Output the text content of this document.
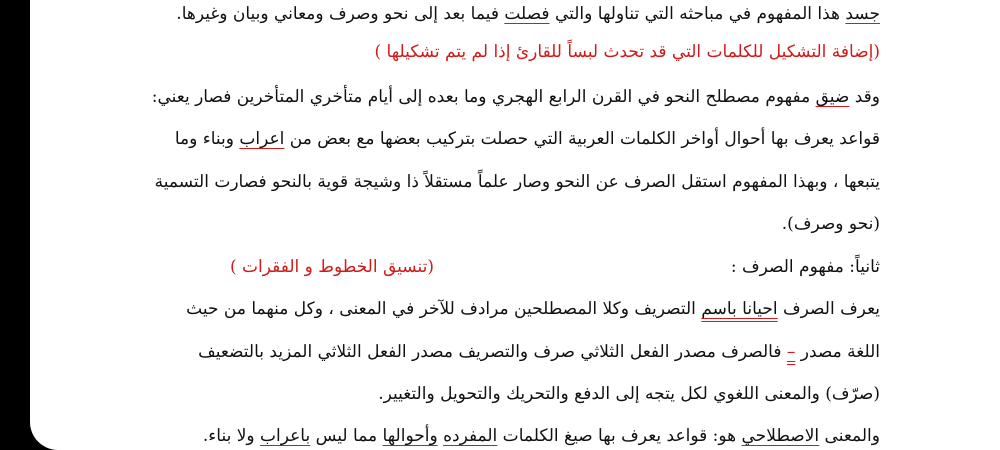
جسد هذا المفهوم في مباحثه التي تناولها والتي فصلت فيما بعد إلى نحو وصرف ومعاني وبيان وغيرها.
(إضافة التشكيل للكلمات التي قد تحدث لبساً للقارئ إذا لم يتم تشكيلها )
وقد ضيق مفهوم مصطلح النحو في القرن الرابع الهجري وما بعده إلى أيام متأخري المتأخرين فصار يعني:
قواعد يعرف بها أحوال أواخر الكلمات العربية التي حصلت بتركيب بعضها مع بعض من اعراب وبناء وما
يتبعها ، وبهذا المفهوم استقل الصرف عن النحو وصار علماً مستقلاً ذا وشيجة قوية بالنحو فصارت التسمية
(نحو وصرف).
ثانياً: مفهوم الصرف :
(تنسيق الخطوط و الفقرات )
يعرف الصرف احيانا باسم التصريف وكلا المصطلحين مرادف للآخر في المعنى ، وكل منهما من حيث
اللغة مصدر – فالصرف مصدر الفعل الثلاثي صرف والتصريف مصدر الفعل الثلاثي المزيد بالتضعيف
(صرّف) والمعنى اللغوي لكل يتجه إلى الدفع والتحريك والتحويل والتغيير.
والمعنى الاصطلاحي هو: قواعد يعرف بها صيغ الكلمات المفرده وأحوالها مما ليس باعراب ولا بناء.
